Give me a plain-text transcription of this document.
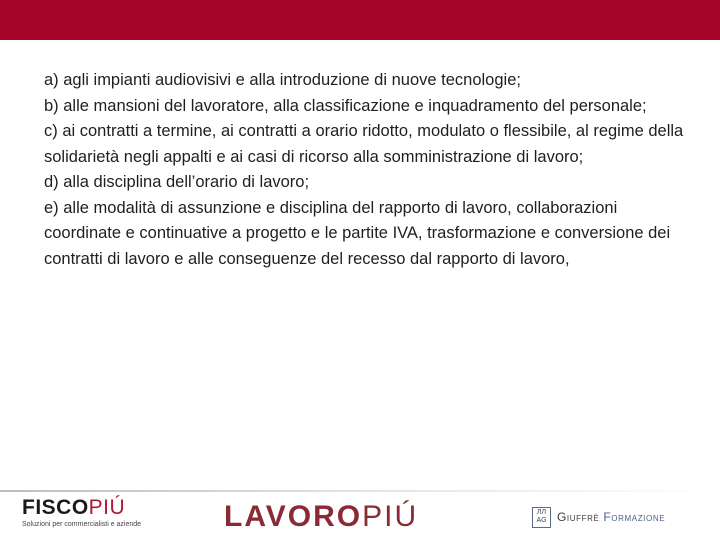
a) agli impianti audiovisivi e alla introduzione di nuove tecnologie;

b) alle mansioni del lavoratore, alla classificazione e inquadramento del personale;

c) ai contratti a termine, ai contratti a orario ridotto, modulato o flessibile, al regime della solidarietà negli appalti e ai casi di ricorso alla somministrazione di lavoro;

d) alla disciplina dell’orario di lavoro;

e) alle modalità di assunzione e disciplina del rapporto di lavoro, collaborazioni coordinate e continuative a progetto e le partite IVA, trasformazione e conversione dei contratti di lavoro e alle conseguenze del recesso dal rapporto di lavoro,

FISCOPIÚ
Soluzioni per commercialisti e aziende	LAVOROPIÚ	ЛЛ
AG Giuffrè Formazione
